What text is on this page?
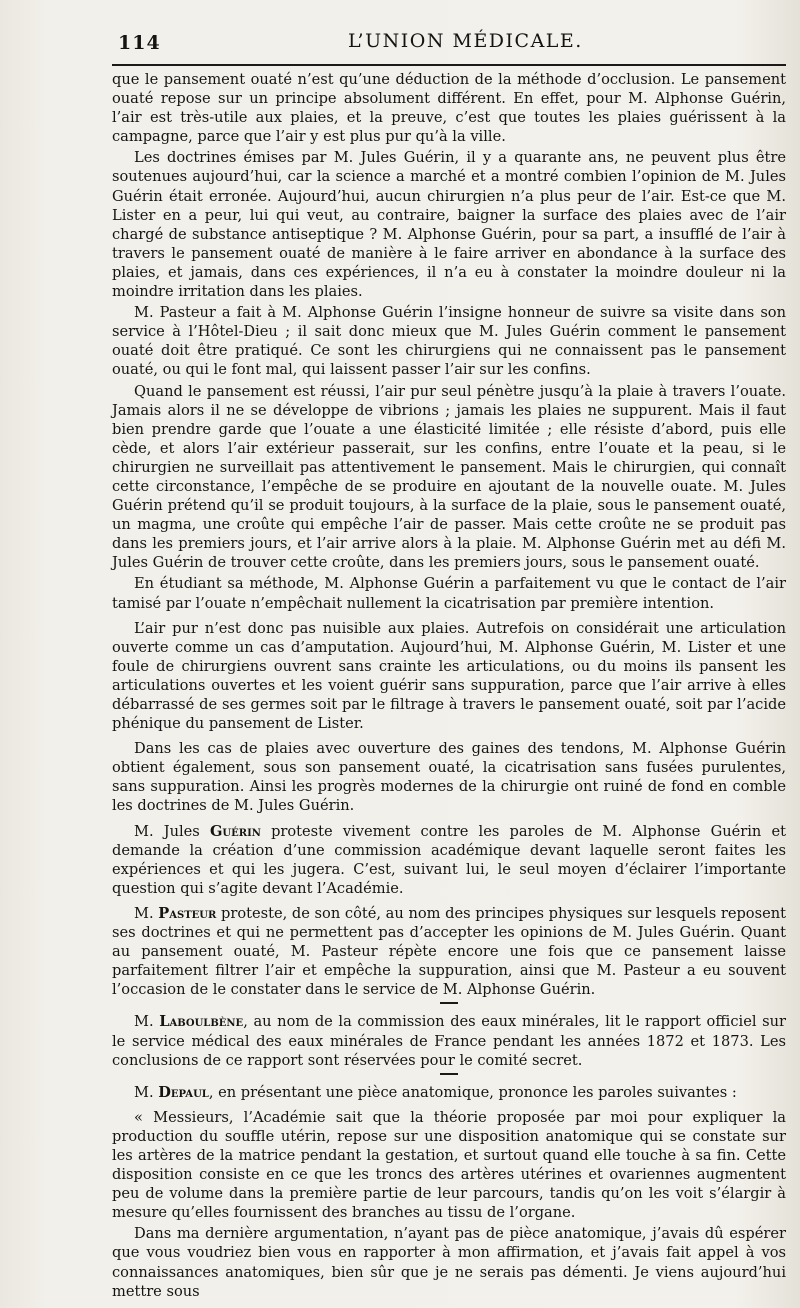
114	L’UNION MÉDICALE.

que le pansement ouaté n’est qu’une déduction de la méthode d’occlusion. Le pansement ouaté repose sur un principe absolument différent. En effet, pour M. Alphonse Guérin, l’air est très-utile aux plaies, et la preuve, c’est que toutes les plaies guérissent à la campagne, parce que l’air y est plus pur qu’à la ville.

Les doctrines émises par M. Jules Guérin, il y a quarante ans, ne peuvent plus être soutenues aujourd’hui, car la science a marché et a montré combien l’opinion de M. Jules Guérin était erronée. Aujourd’hui, aucun chirurgien n’a plus peur de l’air. Est-ce que M. Lister en a peur, lui qui veut, au contraire, baigner la surface des plaies avec de l’air chargé de substance antiseptique ? M. Alphonse Guérin, pour sa part, a insufflé de l’air à travers le pansement ouaté de manière à le faire arriver en abondance à la surface des plaies, et jamais, dans ces expériences, il n’a eu à constater la moindre douleur ni la moindre irritation dans les plaies.

M. Pasteur a fait à M. Alphonse Guérin l’insigne honneur de suivre sa visite dans son service à l’Hôtel-Dieu ; il sait donc mieux que M. Jules Guérin comment le pansement ouaté doit être pratiqué. Ce sont les chirurgiens qui ne connaissent pas le pansement ouaté, ou qui le font mal, qui laissent passer l’air sur les confins.

Quand le pansement est réussi, l’air pur seul pénètre jusqu’à la plaie à travers l’ouate. Jamais alors il ne se développe de vibrions ; jamais les plaies ne suppurent. Mais il faut bien prendre garde que l’ouate a une élasticité limitée ; elle résiste d’abord, puis elle cède, et alors l’air extérieur passerait, sur les confins, entre l’ouate et la peau, si le chirurgien ne surveillait pas attentivement le pansement. Mais le chirurgien, qui connaît cette circonstance, l’empêche de se produire en ajoutant de la nouvelle ouate. M. Jules Guérin prétend qu’il se produit toujours, à la surface de la plaie, sous le pansement ouaté, un magma, une croûte qui empêche l’air de passer. Mais cette croûte ne se produit pas dans les premiers jours, et l’air arrive alors à la plaie. M. Alphonse Guérin met au défi M. Jules Guérin de trouver cette croûte, dans les premiers jours, sous le pansement ouaté.

En étudiant sa méthode, M. Alphonse Guérin a parfaitement vu que le contact de l’air tamisé par l’ouate n’empêchait nullement la cicatrisation par première intention.

L’air pur n’est donc pas nuisible aux plaies. Autrefois on considérait une articulation ouverte comme un cas d’amputation. Aujourd’hui, M. Alphonse Guérin, M. Lister et une foule de chirurgiens ouvrent sans crainte les articulations, ou du moins ils pansent les articulations ouvertes et les voient guérir sans suppuration, parce que l’air arrive à elles débarrassé de ses germes soit par le filtrage à travers le pansement ouaté, soit par l’acide phénique du pansement de Lister.

Dans les cas de plaies avec ouverture des gaines des tendons, M. Alphonse Guérin obtient également, sous son pansement ouaté, la cicatrisation sans fusées purulentes, sans suppuration. Ainsi les progrès modernes de la chirurgie ont ruiné de fond en comble les doctrines de M. Jules Guérin.

M. Jules Guérin proteste vivement contre les paroles de M. Alphonse Guérin et demande la création d’une commission académique devant laquelle seront faites les expériences et qui les jugera. C’est, suivant lui, le seul moyen d’éclairer l’importante question qui s’agite devant l’Académie.

M. Pasteur proteste, de son côté, au nom des principes physiques sur lesquels reposent ses doctrines et qui ne permettent pas d’accepter les opinions de M. Jules Guérin. Quant au pansement ouaté, M. Pasteur répète encore une fois que ce pansement laisse parfaitement filtrer l’air et empêche la suppuration, ainsi que M. Pasteur a eu souvent l’occasion de le constater dans le service de M. Alphonse Guérin.

M. Laboulbène, au nom de la commission des eaux minérales, lit le rapport officiel sur le service médical des eaux minérales de France pendant les années 1872 et 1873. Les conclusions de ce rapport sont réservées pour le comité secret.

M. Depaul, en présentant une pièce anatomique, prononce les paroles suivantes :

« Messieurs, l’Académie sait que la théorie proposée par moi pour expliquer la production du souffle utérin, repose sur une disposition anatomique qui se constate sur les artères de la matrice pendant la gestation, et surtout quand elle touche à sa fin. Cette disposition consiste en ce que les troncs des artères utérines et ovariennes augmentent peu de volume dans la première partie de leur parcours, tandis qu’on les voit s’élargir à mesure qu’elles fournissent des branches au tissu de l’organe.

Dans ma dernière argumentation, n’ayant pas de pièce anatomique, j’avais dû espérer que vous voudriez bien vous en rapporter à mon affirmation, et j’avais fait appel à vos connaissances anatomiques, bien sûr que je ne serais pas démenti. Je viens aujourd’hui mettre sous
